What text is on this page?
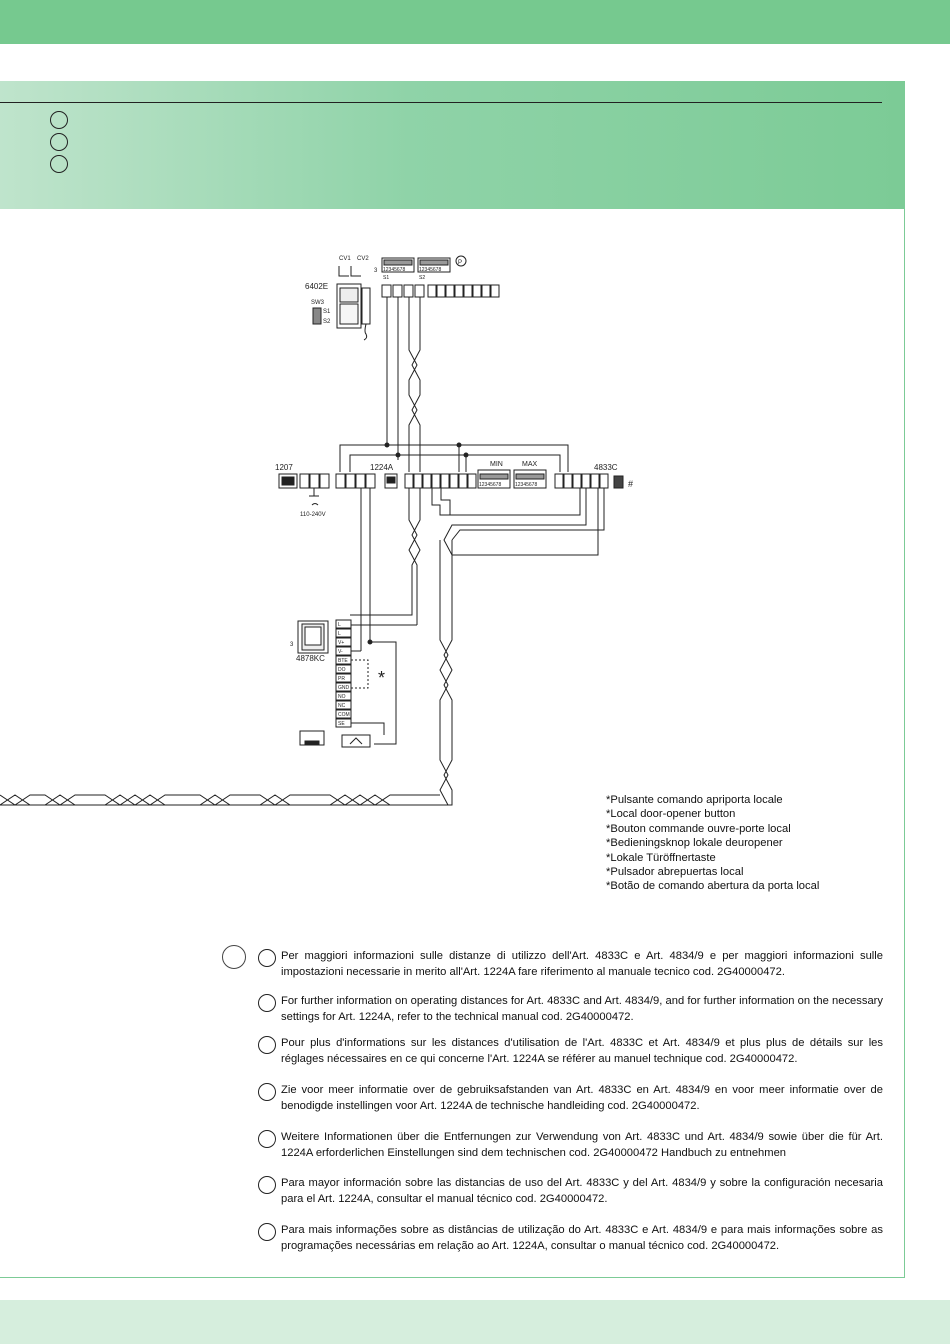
#
CV1 CV2
3 12345678	12345678
S1	S2
P
6402E
SW3
S1
S2
1207	1224A	MIN	MAX
12345678	12345678
4833C
110-240V
3
4878KC
*
L
L
V+
V-
BTE
DO
PR
GND
NO
NC
COM
SE
*Pulsante comando apriporta locale
*Local door-opener button
*Bouton commande ouvre-porte local
*Bedieningsknop lokale deuropener
*Lokale Türöffnertaste
*Pulsador abrepuertas local
*Botão de comando abertura da porta local
Per maggiori informazioni sulle distanze di utilizzo dell'Art. 4833C e Art. 4834/9 e per maggiori informazioni sulle impostazioni necessarie in merito all'Art. 1224A fare riferimento al manuale tecnico cod. 2G40000472.
For further information on operating distances for Art. 4833C and Art. 4834/9, and for further information on the necessary settings for Art. 1224A, refer to the technical manual cod. 2G40000472.
Pour plus d'informations sur les distances d'utilisation de l'Art. 4833C et Art. 4834/9 et plus plus de détails sur les réglages nécessaires en ce qui concerne l'Art. 1224A se référer au manuel technique cod. 2G40000472.
Zie voor meer informatie over de gebruiksafstanden van Art. 4833C en Art. 4834/9 en voor meer informatie over de benodigde instellingen voor Art. 1224A de technische handleiding cod. 2G40000472.
Weitere Informationen über die Entfernungen zur Verwendung von Art. 4833C und Art. 4834/9 sowie über die für Art. 1224A erforderlichen Einstellungen sind dem technischen cod. 2G40000472 Handbuch zu entnehmen
Para mayor información sobre las distancias de uso del Art. 4833C y del Art. 4834/9 y sobre la configuración necesaria para el Art. 1224A, consultar el manual técnico cod. 2G40000472.
Para mais informações sobre as distâncias de utilização do Art. 4833C e Art. 4834/9 e para mais informações sobre as programações necessárias em relação ao Art. 1224A, consultar o manual técnico cod. 2G40000472.
